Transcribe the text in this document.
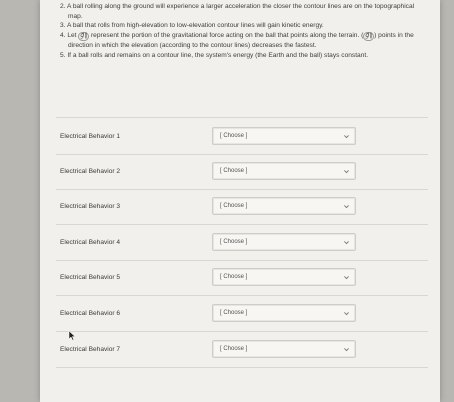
2. A ball rolling along the ground will experience a larger acceleration the closer the contour lines are on the topographical map.

3. A ball that rolls from high-elevation to low-elevation contour lines will gain kinetic energy.

4. Let g⃗∥ represent the portion of the gravitational force acting on the ball that points along the terrain. ( g⃗∥ ) points in the direction in which the elevation (according to the contour lines) decreases the fastest.

5. If a ball rolls and remains on a contour line, the system's energy (the Earth and the ball) stays constant.

Electrical Behavior 1	[ Choose ]
Electrical Behavior 2	[ Choose ]
Electrical Behavior 3	[ Choose ]
Electrical Behavior 4	[ Choose ]
Electrical Behavior 5	[ Choose ]
Electrical Behavior 6	[ Choose ]
Electrical Behavior 7	[ Choose ]
